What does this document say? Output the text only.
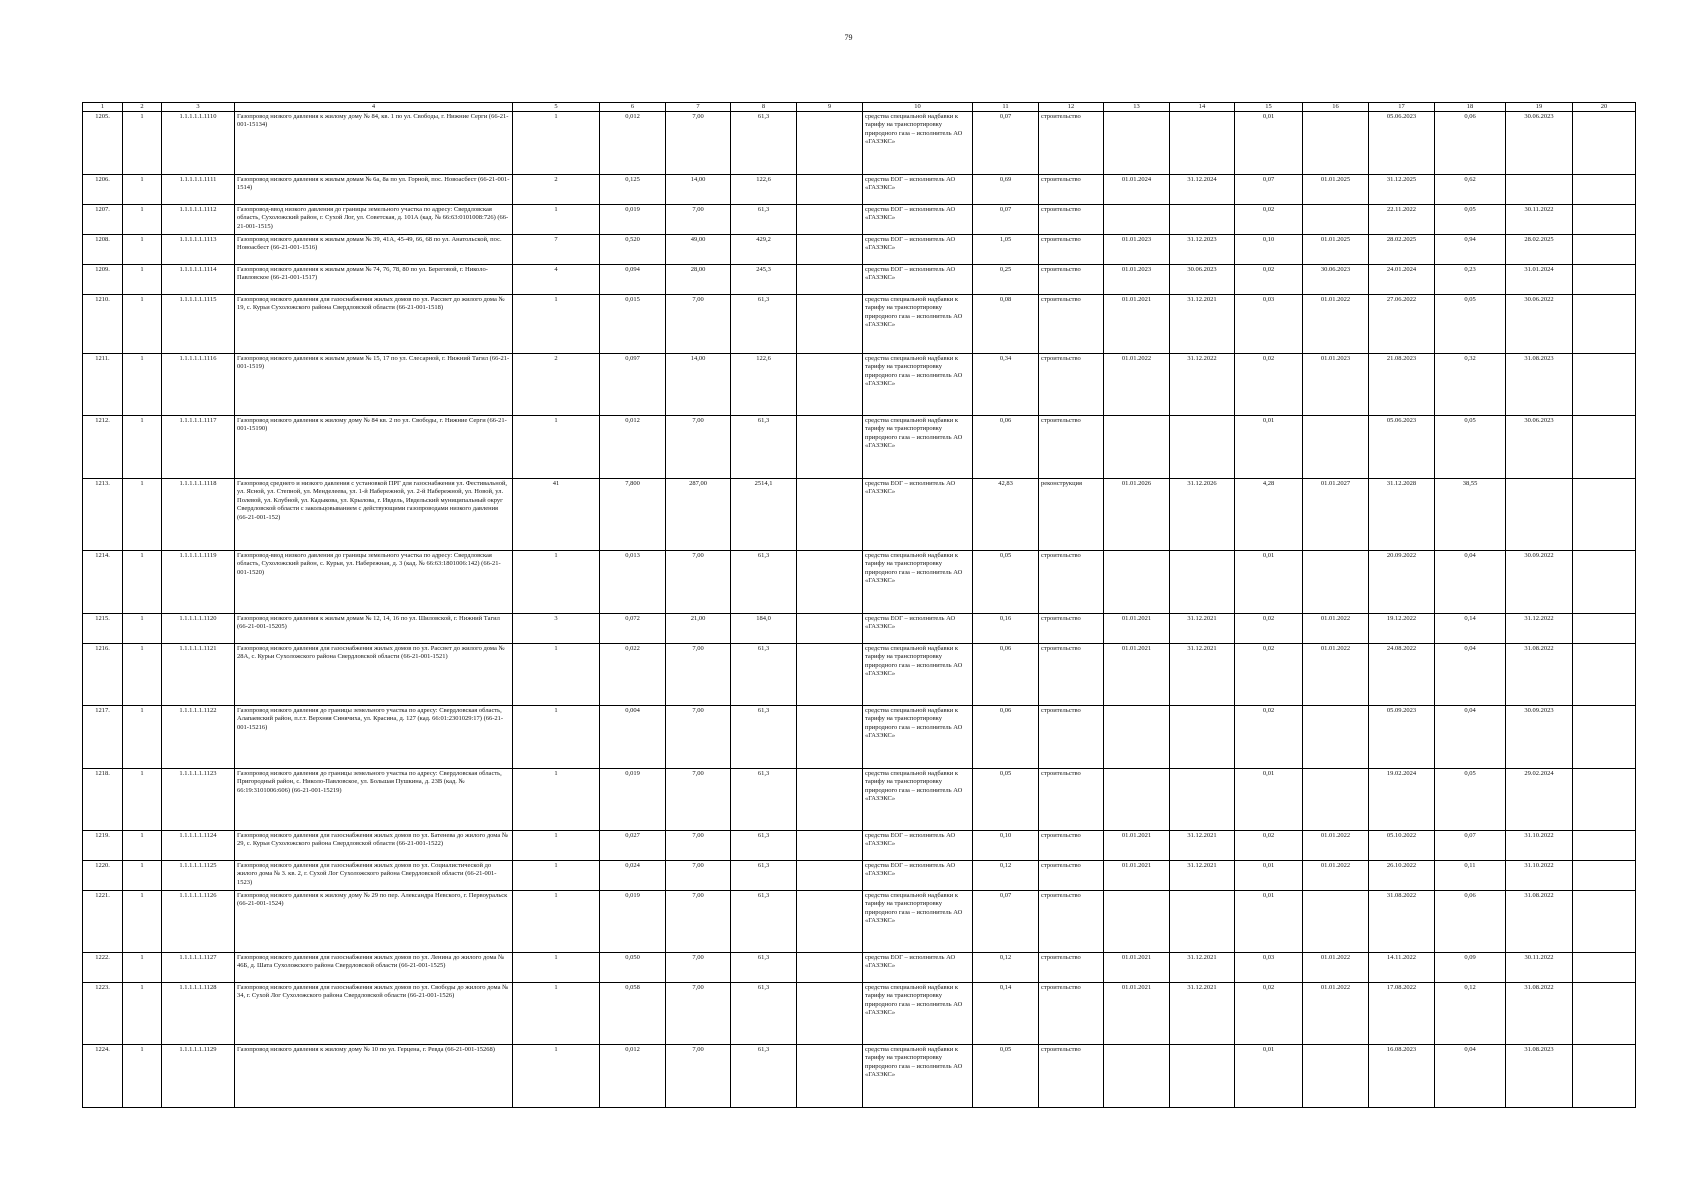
79
1	2	3	4	5	6	7	8	9	10	11	12	13	14	15	16	17	18	19	20
1205.	1	1.1.1.1.1.1110	Газопровод низкого давления к жилому дому № 84, кв. 1 по ул. Свободы, г. Нижние Серги (66-21-001-15134)	1	0,012	7,00	61,3		средства специальной надбавки к тарифу на транспортировку природного газа – исполнитель АО «ГАЗЭКС»	0,07	строительство			0,01		05.06.2023	0,06	30.06.2023	
1206.	1	1.1.1.1.1.1111	Газопровод низкого давления к жилым домам № 6а, 8а по ул. Горной, пос. Новоасбест (66-21-001-1514)	2	0,125	14,00	122,6		средства ЕОГ – исполнитель АО «ГАЗЭКС»	0,69	строительство	01.01.2024	31.12.2024	0,07	01.01.2025	31.12.2025	0,62		
1207.	1	1.1.1.1.1.1112	Газопровод-ввод низкого давления до границы земельного участка по адресу: Свердловская область, Сухоложский район, г. Сухой Лог, ул. Советская, д. 101А (кад. № 66:63:0101008:726) (66-21-001-1515)	1	0,019	7,00	61,3		средства ЕОГ – исполнитель АО «ГАЗЭКС»	0,07	строительство			0,02		22.11.2022	0,05	30.11.2022	
1208.	1	1.1.1.1.1.1113	Газопровод низкого давления к жилым домам № 39, 41А, 45-49, 66, 68 по ул. Анатольской, пос. Новоасбест (66-21-001-1516)	7	0,520	49,00	429,2		средства ЕОГ – исполнитель АО «ГАЗЭКС»	1,05	строительство	01.01.2023	31.12.2023	0,10	01.01.2025	28.02.2025	0,94	28.02.2025	
1209.	1	1.1.1.1.1.1114	Газопровод низкого давления к жилым домам № 74, 76, 78, 80 по ул. Береговой, г. Николо-Павловское (66-21-001-1517)	4	0,094	28,00	245,3		средства ЕОГ – исполнитель АО «ГАЗЭКС»	0,25	строительство	01.01.2023	30.06.2023	0,02	30.06.2023	24.01.2024	0,23	31.01.2024	
1210.	1	1.1.1.1.1.1115	Газопровод низкого давления для газоснабжения жилых домов по ул. Рассвет до жилого дома № 19, с. Курьи Сухоложского района Свердловской области (66-21-001-1518)	1	0,015	7,00	61,3		средства специальной надбавки к тарифу на транспортировку природного газа – исполнитель АО «ГАЗЭКС»	0,08	строительство	01.01.2021	31.12.2021	0,03	01.01.2022	27.06.2022	0,05	30.06.2022	
1211.	1	1.1.1.1.1.1116	Газопровод низкого давления к жилым домам № 15, 17 по ул. Слесарной, г. Нижний Тагил (66-21-001-1519)	2	0,097	14,00	122,6		средства специальной надбавки к тарифу на транспортировку природного газа – исполнитель АО «ГАЗЭКС»	0,34	строительство	01.01.2022	31.12.2022	0,02	01.01.2023	21.08.2023	0,32	31.08.2023	
1212.	1	1.1.1.1.1.1117	Газопровод низкого давления к жилому дому № 84 кв. 2 по ул. Свободы, г. Нижние Серги (66-21-001-15190)	1	0,012	7,00	61,3		средства специальной надбавки к тарифу на транспортировку природного газа – исполнитель АО «ГАЗЭКС»	0,06	строительство			0,01		05.06.2023	0,05	30.06.2023	
1213.	1	1.1.1.1.1.1118	Газопровод среднего и низкого давления с установкой ПРГ для газоснабжения ул. Фестивальной, ул. Ясной, ул. Степной, ул. Менделеева, ул. 1-й Набережной, ул. 2-й Набережной, ул. Новой, ул. Полевой, ул. Клубной, ул. Кадыкова, ул. Крылова, г. Ивдель, Ивдельский муниципальный округ Свердловской области с закольцовыванием с действующими газопроводами низкого давления (66-21-001-152)	41	7,800	287,00	2514,1		средства ЕОГ – исполнитель АО «ГАЗЭКС»	42,83	реконструкция	01.01.2026	31.12.2026	4,28	01.01.2027	31.12.2028	38,55		
1214.	1	1.1.1.1.1.1119	Газопровод-ввод низкого давления до границы земельного участка по адресу: Свердловская область, Сухоложский район, с. Курьи, ул. Набережная, д. 3 (кад. № 66:63:1801006:142) (66-21-001-1520)	1	0,013	7,00	61,3		средства специальной надбавки к тарифу на транспортировку природного газа – исполнитель АО «ГАЗЭКС»	0,05	строительство			0,01		20.09.2022	0,04	30.09.2022	
1215.	1	1.1.1.1.1.1120	Газопровод низкого давления к жилым домам № 12, 14, 16 по ул. Шиловской, г. Нижний Тагил (66-21-001-15205)	3	0,072	21,00	184,0		средства ЕОГ – исполнитель АО «ГАЗЭКС»	0,16	строительство	01.01.2021	31.12.2021	0,02	01.01.2022	19.12.2022	0,14	31.12.2022	
1216.	1	1.1.1.1.1.1121	Газопровод низкого давления для газоснабжения жилых домов по ул. Рассвет до жилого дома № 28А, с. Курьи Сухоложского района Свердловской области (66-21-001-1521)	1	0,022	7,00	61,3		средства специальной надбавки к тарифу на транспортировку природного газа – исполнитель АО «ГАЗЭКС»	0,06	строительство	01.01.2021	31.12.2021	0,02	01.01.2022	24.08.2022	0,04	31.08.2022	
1217.	1	1.1.1.1.1.1122	Газопровод низкого давления до границы земельного участка по адресу: Свердловская область, Алапаевский район, п.г.т. Верхняя Синячиха, ул. Красина, д. 127 (кад. 66:01:2301029:17) (66-21-001-15216)	1	0,004	7,00	61,3		средства специальной надбавки к тарифу на транспортировку природного газа – исполнитель АО «ГАЗЭКС»	0,06	строительство			0,02		05.09.2023	0,04	30.09.2023	
1218.	1	1.1.1.1.1.1123	Газопровод низкого давления до границы земельного участка по адресу: Свердловская область, Пригородный район, с. Николо-Павловское, ул. Большая Пушкина, д. 23В (кад. № 66:19:3101006:606) (66-21-001-15219)	1	0,019	7,00	61,3		средства специальной надбавки к тарифу на транспортировку природного газа – исполнитель АО «ГАЗЭКС»	0,05	строительство			0,01		19.02.2024	0,05	29.02.2024	
1219.	1	1.1.1.1.1.1124	Газопровод низкого давления для газоснабжения жилых домов по ул. Батенева до жилого дома № 29, с. Курьи Сухоложского района Свердловской области (66-21-001-1522)	1	0,027	7,00	61,3		средства ЕОГ – исполнитель АО «ГАЗЭКС»	0,10	строительство	01.01.2021	31.12.2021	0,02	01.01.2022	05.10.2022	0,07	31.10.2022	
1220.	1	1.1.1.1.1.1125	Газопровод низкого давления для газоснабжения жилых домов по ул. Социалистической до жилого дома № 3. кв. 2, г. Сухой Лог Сухоложского района Свердловской области (66-21-001-1523)	1	0,024	7,00	61,3		средства ЕОГ – исполнитель АО «ГАЗЭКС»	0,12	строительство	01.01.2021	31.12.2021	0,01	01.01.2022	26.10.2022	0,11	31.10.2022	
1221.	1	1.1.1.1.1.1126	Газопровод низкого давления к жилому дому № 29 по пер. Александра Невского, г. Первоуральск (66-21-001-1524)	1	0,019	7,00	61,3		средства специальной надбавки к тарифу на транспортировку природного газа – исполнитель АО «ГАЗЭКС»	0,07	строительство			0,01		31.08.2022	0,06	31.08.2022	
1222.	1	1.1.1.1.1.1127	Газопровод низкого давления для газоснабжения жилых домов по ул. Ленина до жилого дома № 46Б, д. Шата Сухоложского района Свердловской области (66-21-001-1525)	1	0,050	7,00	61,3		средства ЕОГ – исполнитель АО «ГАЗЭКС»	0,12	строительство	01.01.2021	31.12.2021	0,03	01.01.2022	14.11.2022	0,09	30.11.2022	
1223.	1	1.1.1.1.1.1128	Газопровод низкого давления для газоснабжения жилых домов по ул. Свободы до жилого дома № 34, г. Сухой Лог Сухоложского района Свердловской области (66-21-001-1526)	1	0,058	7,00	61,3		средства специальной надбавки к тарифу на транспортировку природного газа – исполнитель АО «ГАЗЭКС»	0,14	строительство	01.01.2021	31.12.2021	0,02	01.01.2022	17.08.2022	0,12	31.08.2022	
1224.	1	1.1.1.1.1.1129	Газопровод низкого давления к жилому дому № 10 по ул. Герцена, г. Ревда (66-21-001-15268)	1	0,012	7,00	61,3		средства специальной надбавки к тарифу на транспортировку природного газа – исполнитель АО «ГАЗЭКС»	0,05	строительство			0,01		16.08.2023	0,04	31.08.2023	
